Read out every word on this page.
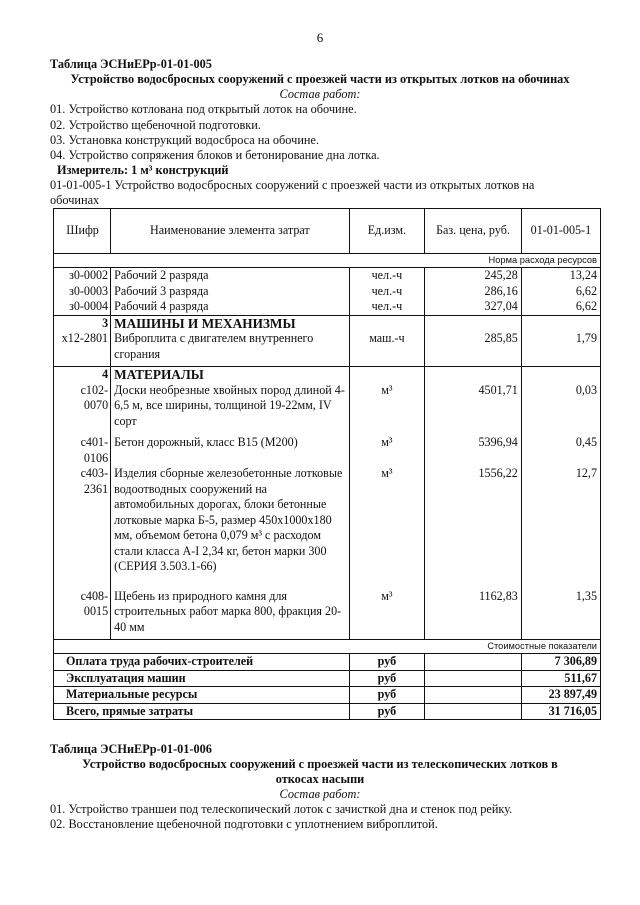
6
Таблица ЭСНиЕРр-01-01-005
Устройство водосбросных сооружений с проезжей части из открытых лотков на обочинах
Состав работ:
01. Устройство котлована под открытый лоток на обочине.
02. Устройство щебеночной подготовки.
03. Установка конструкций водосброса на обочине.
04. Устройство сопряжения блоков и бетонирование дна лотка.
Измеритель: 1 м³ конструкций
01-01-005-1 Устройство водосбросных сооружений с проезжей части из открытых лотков на обочинах
Шифр	Наименование элемента затрат	Ед.изм.	Баз. цена, руб.	01-01-005-1
Норма расхода ресурсов				
з0-0002	Рабочий 2 разряда	чел.-ч	245,28	13,24
з0-0003	Рабочий 3 разряда	чел.-ч	286,16	6,62
з0-0004	Рабочий 4 разряда	чел.-ч	327,04	6,62
3	МАШИНЫ И МЕХАНИЗМЫ			
х12-2801	Виброплита с двигателем внутреннего сгорания	маш.-ч	285,85	1,79

4	МАТЕРИАЛЫ			
с102-0070	Доски необрезные хвойных пород длиной 4-6,5 м, все ширины, толщиной 19-22мм, IV сорт	м³	4501,71	0,03

с401-0106	Бетон дорожный, класс B15 (М200)	м³	5396,94	0,45
с403-2361	Изделия сборные железобетонные лотковые водоотводных сооружений на автомобильных дорогах, блоки бетонные лотковые марка Б-5, размер 450х1000х180 мм, объемом бетона 0,079 м³ с расходом стали класса А-I 2,34 кг, бетон марки 300 (СЕРИЯ 3.503.1-66)	м³	1556,22	12,7

с408-0015	Щебень из природного камня для строительных работ марка 800, фракция 20-40 мм	м³	1162,83	1,35

Стоимостные показатели				
Оплата труда рабочих-строителей		руб		7 306,89
Эксплуатация машин		руб		511,67
Материальные ресурсы		руб		23 897,49
Всего, прямые затраты		руб		31 716,05
Таблица ЭСНиЕРр-01-01-006
Устройство водосбросных сооружений с проезжей части из телескопических лотков в
откосах насыпи
Состав работ:
01. Устройство траншеи под телескопический лоток с зачисткой дна и стенок под рейку.
02. Восстановление щебеночной подготовки с уплотнением виброплитой.
